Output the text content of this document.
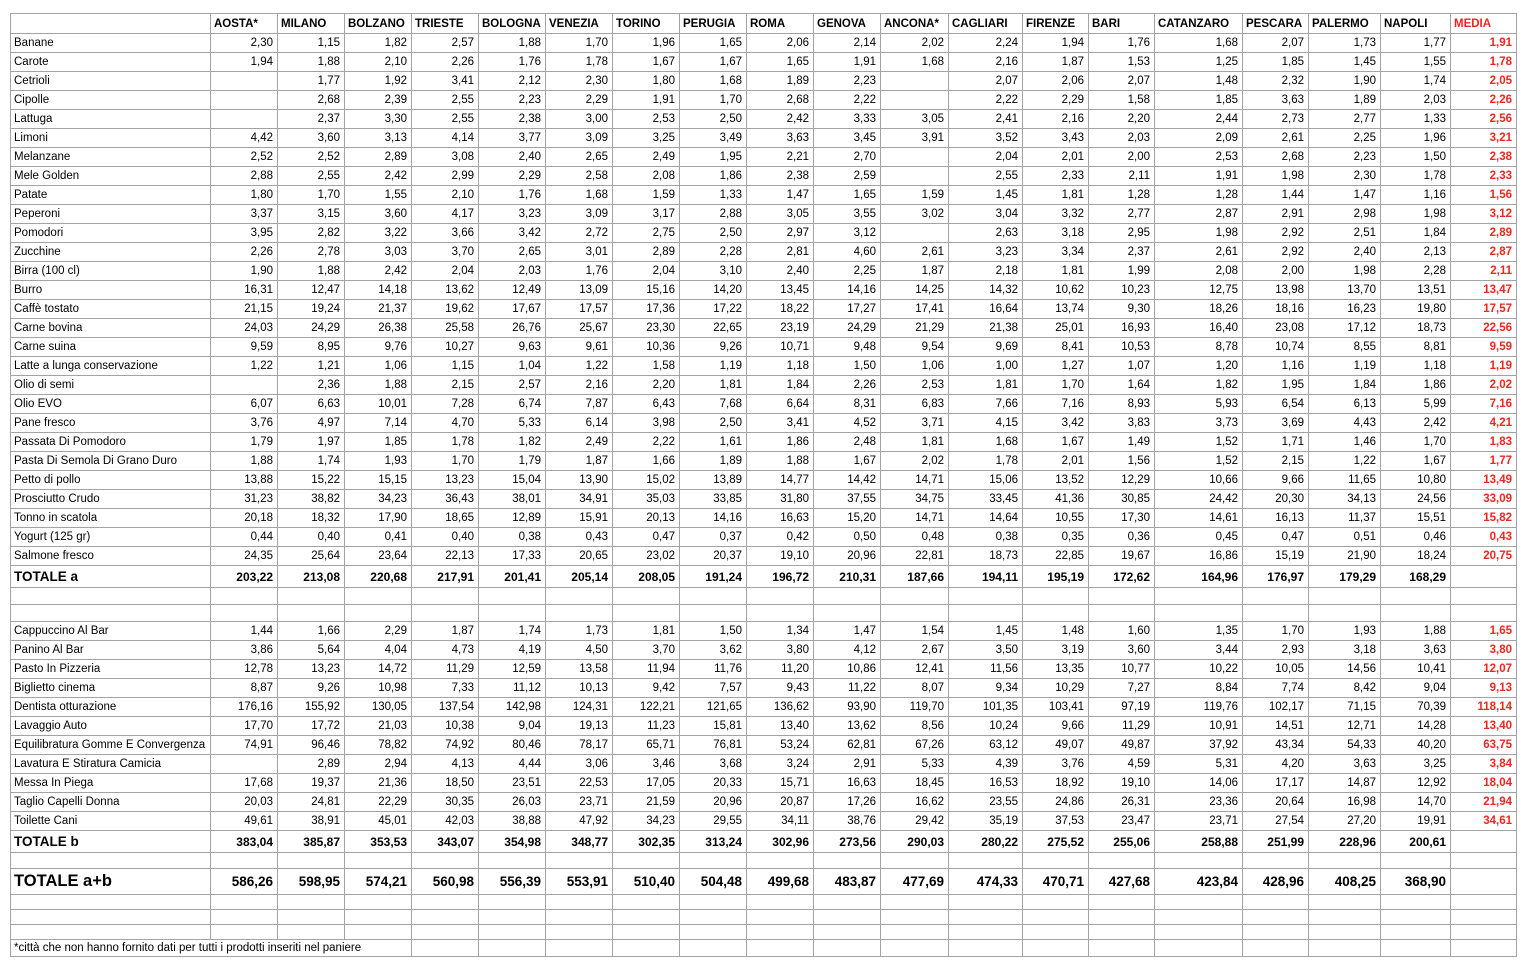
	AOSTA*	MILANO	BOLZANO	TRIESTE	BOLOGNA	VENEZIA	TORINO	PERUGIA	ROMA	GENOVA	ANCONA*	CAGLIARI	FIRENZE	BARI	CATANZARO	PESCARA	PALERMO	NAPOLI	MEDIA
Banane	2,30	1,15	1,82	2,57	1,88	1,70	1,96	1,65	2,06	2,14	2,02	2,24	1,94	1,76	1,68	2,07	1,73	1,77	1,91
Carote	1,94	1,88	2,10	2,26	1,76	1,78	1,67	1,67	1,65	1,91	1,68	2,16	1,87	1,53	1,25	1,85	1,45	1,55	1,78
Cetrioli		1,77	1,92	3,41	2,12	2,30	1,80	1,68	1,89	2,23		2,07	2,06	2,07	1,48	2,32	1,90	1,74	2,05
Cipolle		2,68	2,39	2,55	2,23	2,29	1,91	1,70	2,68	2,22		2,22	2,29	1,58	1,85	3,63	1,89	2,03	2,26
Lattuga		2,37	3,30	2,55	2,38	3,00	2,53	2,50	2,42	3,33	3,05	2,41	2,16	2,20	2,44	2,73	2,77	1,33	2,56
Limoni	4,42	3,60	3,13	4,14	3,77	3,09	3,25	3,49	3,63	3,45	3,91	3,52	3,43	2,03	2,09	2,61	2,25	1,96	3,21
Melanzane	2,52	2,52	2,89	3,08	2,40	2,65	2,49	1,95	2,21	2,70		2,04	2,01	2,00	2,53	2,68	2,23	1,50	2,38
Mele Golden	2,88	2,55	2,42	2,99	2,29	2,58	2,08	1,86	2,38	2,59		2,55	2,33	2,11	1,91	1,98	2,30	1,78	2,33
Patate	1,80	1,70	1,55	2,10	1,76	1,68	1,59	1,33	1,47	1,65	1,59	1,45	1,81	1,28	1,28	1,44	1,47	1,16	1,56
Peperoni	3,37	3,15	3,60	4,17	3,23	3,09	3,17	2,88	3,05	3,55	3,02	3,04	3,32	2,77	2,87	2,91	2,98	1,98	3,12
Pomodori	3,95	2,82	3,22	3,66	3,42	2,72	2,75	2,50	2,97	3,12		2,63	3,18	2,95	1,98	2,92	2,51	1,84	2,89
Zucchine	2,26	2,78	3,03	3,70	2,65	3,01	2,89	2,28	2,81	4,60	2,61	3,23	3,34	2,37	2,61	2,92	2,40	2,13	2,87
Birra (100 cl)	1,90	1,88	2,42	2,04	2,03	1,76	2,04	3,10	2,40	2,25	1,87	2,18	1,81	1,99	2,08	2,00	1,98	2,28	2,11
Burro	16,31	12,47	14,18	13,62	12,49	13,09	15,16	14,20	13,45	14,16	14,25	14,32	10,62	10,23	12,75	13,98	13,70	13,51	13,47
Caffè tostato	21,15	19,24	21,37	19,62	17,67	17,57	17,36	17,22	18,22	17,27	17,41	16,64	13,74	9,30	18,26	18,16	16,23	19,80	17,57
Carne bovina	24,03	24,29	26,38	25,58	26,76	25,67	23,30	22,65	23,19	24,29	21,29	21,38	25,01	16,93	16,40	23,08	17,12	18,73	22,56
Carne suina	9,59	8,95	9,76	10,27	9,63	9,61	10,36	9,26	10,71	9,48	9,54	9,69	8,41	10,53	8,78	10,74	8,55	8,81	9,59
Latte a lunga conservazione	1,22	1,21	1,06	1,15	1,04	1,22	1,58	1,19	1,18	1,50	1,06	1,00	1,27	1,07	1,20	1,16	1,19	1,18	1,19
Olio di semi		2,36	1,88	2,15	2,57	2,16	2,20	1,81	1,84	2,26	2,53	1,81	1,70	1,64	1,82	1,95	1,84	1,86	2,02
Olio EVO	6,07	6,63	10,01	7,28	6,74	7,87	6,43	7,68	6,64	8,31	6,83	7,66	7,16	8,93	5,93	6,54	6,13	5,99	7,16
Pane fresco	3,76	4,97	7,14	4,70	5,33	6,14	3,98	2,50	3,41	4,52	3,71	4,15	3,42	3,83	3,73	3,69	4,43	2,42	4,21
Passata Di Pomodoro	1,79	1,97	1,85	1,78	1,82	2,49	2,22	1,61	1,86	2,48	1,81	1,68	1,67	1,49	1,52	1,71	1,46	1,70	1,83
Pasta Di Semola Di Grano Duro	1,88	1,74	1,93	1,70	1,79	1,87	1,66	1,89	1,88	1,67	2,02	1,78	2,01	1,56	1,52	2,15	1,22	1,67	1,77
Petto di pollo	13,88	15,22	15,15	13,23	15,04	13,90	15,02	13,89	14,77	14,42	14,71	15,06	13,52	12,29	10,66	9,66	11,65	10,80	13,49
Prosciutto Crudo	31,23	38,82	34,23	36,43	38,01	34,91	35,03	33,85	31,80	37,55	34,75	33,45	41,36	30,85	24,42	20,30	34,13	24,56	33,09
Tonno in scatola	20,18	18,32	17,90	18,65	12,89	15,91	20,13	14,16	16,63	15,20	14,71	14,64	10,55	17,30	14,61	16,13	11,37	15,51	15,82
Yogurt (125 gr)	0,44	0,40	0,41	0,40	0,38	0,43	0,47	0,37	0,42	0,50	0,48	0,38	0,35	0,36	0,45	0,47	0,51	0,46	0,43
Salmone fresco	24,35	25,64	23,64	22,13	17,33	20,65	23,02	20,37	19,10	20,96	22,81	18,73	22,85	19,67	16,86	15,19	21,90	18,24	20,75
TOTALE a	203,22	213,08	220,68	217,91	201,41	205,14	208,05	191,24	196,72	210,31	187,66	194,11	195,19	172,62	164,96	176,97	179,29	168,29	

Cappuccino Al Bar	1,44	1,66	2,29	1,87	1,74	1,73	1,81	1,50	1,34	1,47	1,54	1,45	1,48	1,60	1,35	1,70	1,93	1,88	1,65
Panino Al Bar	3,86	5,64	4,04	4,73	4,19	4,50	3,70	3,62	3,80	4,12	2,67	3,50	3,19	3,60	3,44	2,93	3,18	3,63	3,80
Pasto In Pizzeria	12,78	13,23	14,72	11,29	12,59	13,58	11,94	11,76	11,20	10,86	12,41	11,56	13,35	10,77	10,22	10,05	14,56	10,41	12,07
Biglietto cinema	8,87	9,26	10,98	7,33	11,12	10,13	9,42	7,57	9,43	11,22	8,07	9,34	10,29	7,27	8,84	7,74	8,42	9,04	9,13
Dentista otturazione	176,16	155,92	130,05	137,54	142,98	124,31	122,21	121,65	136,62	93,90	119,70	101,35	103,41	97,19	119,76	102,17	71,15	70,39	118,14
Lavaggio Auto	17,70	17,72	21,03	10,38	9,04	19,13	11,23	15,81	13,40	13,62	8,56	10,24	9,66	11,29	10,91	14,51	12,71	14,28	13,40
Equilibratura Gomme E Convergenza	74,91	96,46	78,82	74,92	80,46	78,17	65,71	76,81	53,24	62,81	67,26	63,12	49,07	49,87	37,92	43,34	54,33	40,20	63,75
Lavatura E Stiratura Camicia		2,89	2,94	4,13	4,44	3,06	3,46	3,68	3,24	2,91	5,33	4,39	3,76	4,59	5,31	4,20	3,63	3,25	3,84
Messa In Piega	17,68	19,37	21,36	18,50	23,51	22,53	17,05	20,33	15,71	16,63	18,45	16,53	18,92	19,10	14,06	17,17	14,87	12,92	18,04
Taglio Capelli Donna	20,03	24,81	22,29	30,35	26,03	23,71	21,59	20,96	20,87	17,26	16,62	23,55	24,86	26,31	23,36	20,64	16,98	14,70	21,94
Toilette Cani	49,61	38,91	45,01	42,03	38,88	47,92	34,23	29,55	34,11	38,76	29,42	35,19	37,53	23,47	23,71	27,54	27,20	19,91	34,61
TOTALE b	383,04	385,87	353,53	343,07	354,98	348,77	302,35	313,24	302,96	273,56	290,03	280,22	275,52	255,06	258,88	251,99	228,96	200,61	

TOTALE a+b	586,26	598,95	574,21	560,98	556,39	553,91	510,40	504,48	499,68	483,87	477,69	474,33	470,71	427,68	423,84	428,96	408,25	368,90	

*città che non hanno fornito dati per tutti i prodotti inseriti nel paniere																			
